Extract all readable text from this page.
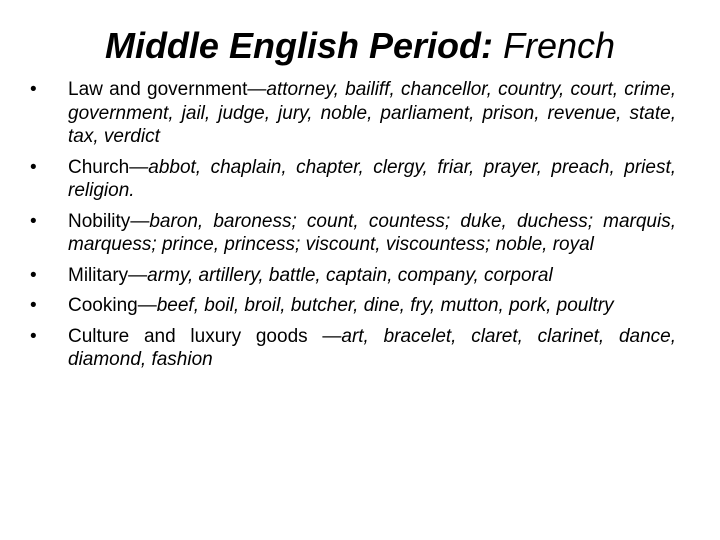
Middle English Period: French
•	Law and government—attorney, bailiff, chancellor, country, court, crime, government, jail, judge, jury, noble, parliament, prison, revenue, state, tax, verdict
•	Church—abbot, chaplain, chapter, clergy, friar, prayer, preach, priest, religion.
•	Nobility—baron, baroness; count, countess; duke, duchess; marquis, marquess; prince, princess; viscount, viscountess; noble, royal
•	Military—army, artillery, battle, captain, company, corporal
•	Cooking—beef, boil, broil, butcher, dine, fry, mutton, pork, poultry
•	Culture and luxury goods —art, bracelet, claret, clarinet, dance, diamond, fashion
